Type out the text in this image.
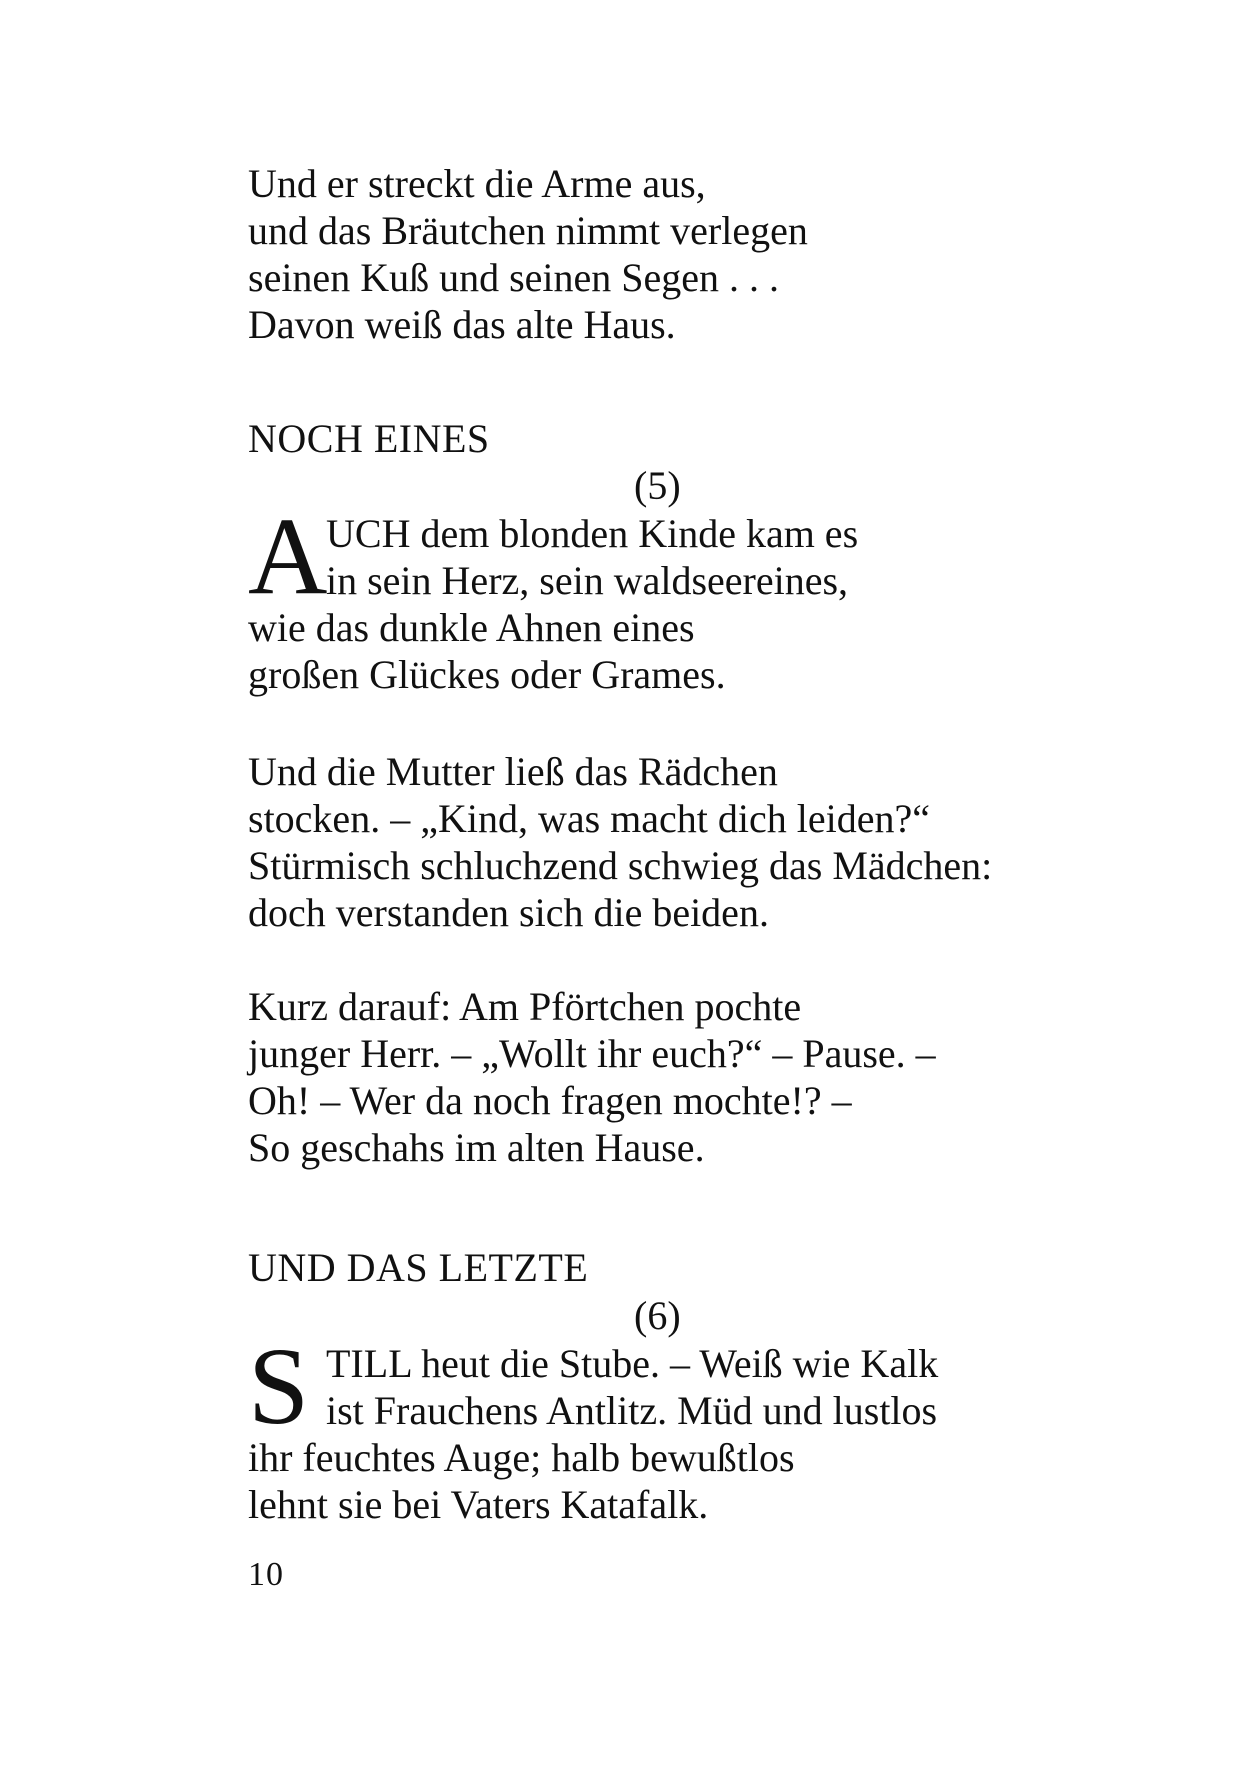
Und er streckt die Arme aus,
und das Bräutchen nimmt verlegen
seinen Kuß und seinen Segen . . .
Davon weiß das alte Haus.
NOCH EINES
(5)
A
UCH dem blonden Kinde kam es
in sein Herz, sein waldseereines,
wie das dunkle Ahnen eines
großen Glückes oder Grames.
Und die Mutter ließ das Rädchen
stocken. – „Kind, was macht dich leiden?“
Stürmisch schluchzend schwieg das Mädchen:
doch verstanden sich die beiden.
Kurz darauf: Am Pförtchen pochte
junger Herr. – „Wollt ihr euch?“ – Pause. –
Oh! – Wer da noch fragen mochte!? –
So geschahs im alten Hause.
UND DAS LETZTE
(6)
S TILL heut die Stube. – Weiß wie Kalk
ist Frauchens Antlitz. Müd und lustlos
ihr feuchtes Auge; halb bewußtlos
lehnt sie bei Vaters Katafalk.
10
